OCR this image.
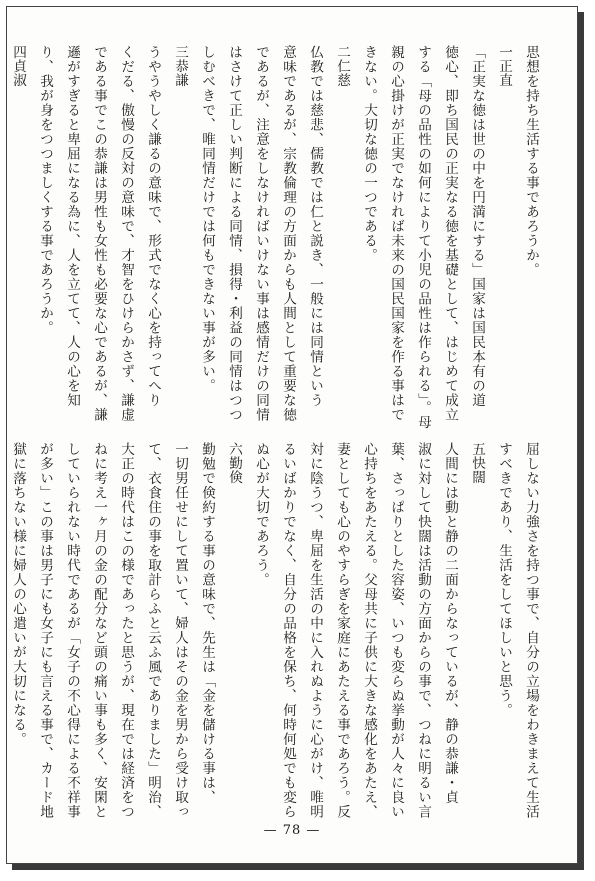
思想を持ち生活する事であろうか。
一正直
「正実な徳は世の中を円満にする」国家は国民本有の道
徳心、即ち国民の正実なる徳を基礎として、はじめて成立
する「母の品性の如何によりて小児の品性は作られる」。母
親の心掛けが正実でなければ未来の国民国家を作る事はで
きない。大切な徳の一つである。
二仁慈
仏教では慈悲、儒教では仁と説き、一般には同情という
意味であるが、宗教倫理の方面からも人間として重要な徳
であるが、注意をしなければいけない事は感情だけの同情
はさけて正しい判断による同情、損得・利益の同情はつつ
しむべきで、唯同情だけでは何もできない事が多い。
三恭謙
うやうやしく謙るの意味で、形式でなく心を持ってへり
くだる、傲慢の反対の意味で、才智をひけらかさず、謙虚
である事でこの恭謙は男性も女性も必要な心であるが、謙
遜がすぎると卑屈になる為に、人を立てて、人の心を知
り、我が身をつつましくする事であろうか。
四貞淑
屈しない力強さを持つ事で、自分の立場をわきまえて生活
すべきであり、生活をしてほしいと思う。
五快闊
人間には動と静の二面からなっているが、静の恭謙・貞
淑に対して快闊は活動の方面からの事で、つねに明るい言
葉、さっぱりとした容姿、いつも変らぬ挙動が人々に良い
心持ちをあたえる。父母共に子供に大きな感化をあたえ、
妻としても心のやすらぎを家庭にあたえる事であろう。反
対に陰うつ、卑屈を生活の中に入れぬように心がけ、唯明
るいばかりでなく、自分の品格を保ち、何時何処でも変ら
ぬ心が大切であろう。
六勤倹
勤勉で倹約する事の意味で、先生は「金を儲ける事は、
一切男任せにして置いて、婦人はその金を男から受け取っ
て、衣食住の事を取計らふと云ふ風でありました」明治、
大正の時代はこの様であったと思うが、現在では経済をつ
ねに考え一ヶ月の金の配分など頭の痛い事も多く、安閑と
していられない時代であるが「女子の不心得による不祥事
が多い」この事は男子にも女子にも言える事で、カード地
獄に落ちない様に婦人の心遣いが大切になる。
— 78 —
